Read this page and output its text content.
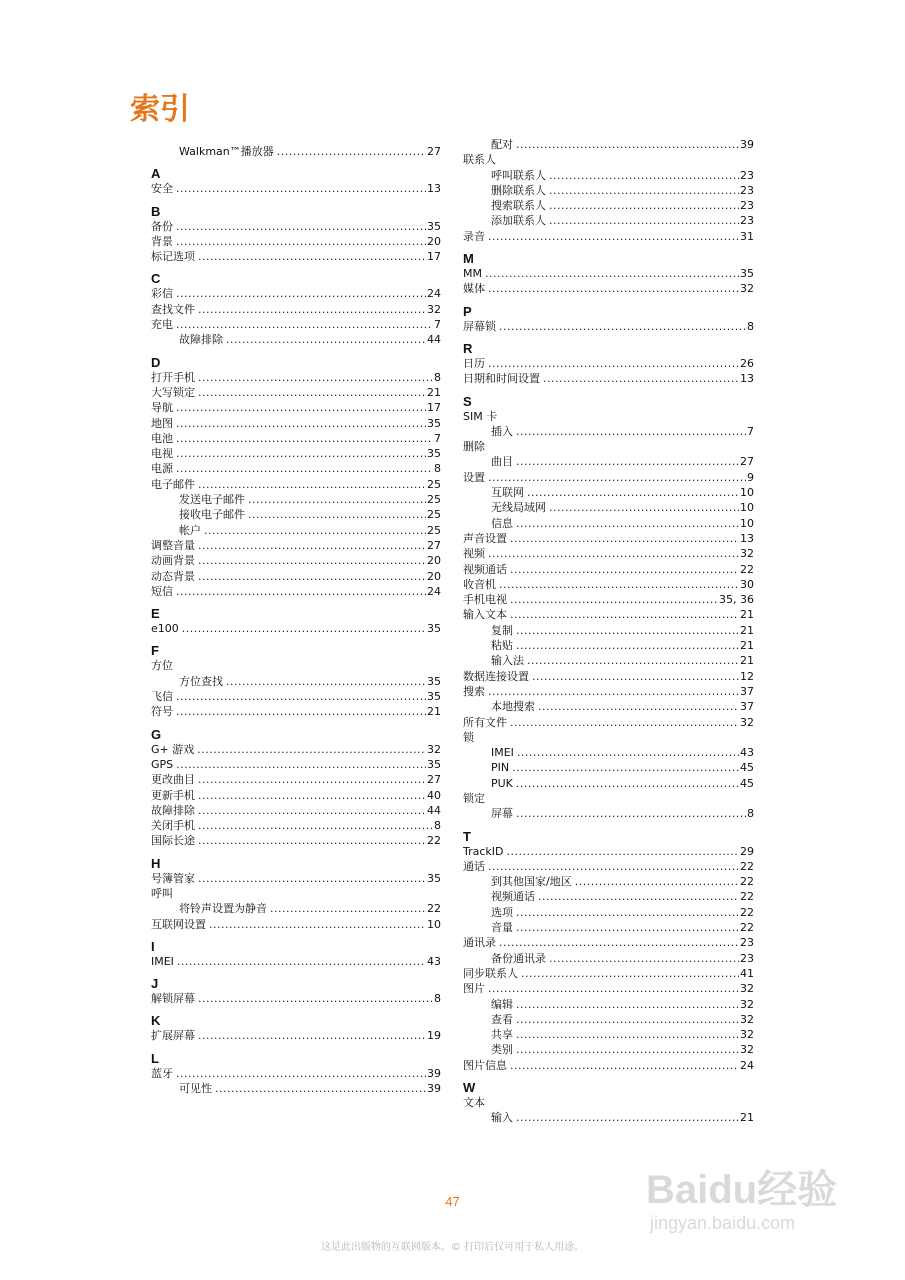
索引
Walkman™播放器 .....	27
A
安全 .....	13
B
备份 .....	35
背景 .....	20
标记选项 .....	17
C
彩信 .....	24
查找文件 .....	32
充电 .....	7
故障排除 .....	44
D
打开手机 .....	8
大写锁定 .....	21
导航 .....	17
地图 .....	35
电池 .....	7
电视 .....	35
电源 .....	8
电子邮件 .....	25
发送电子邮件 .....	25
接收电子邮件 .....	25
帐户 .....	25
调整音量 .....	27
动画背景 .....	20
动态背景 .....	20
短信 .....	24
E
e100 .....	35
F
方位
方位查找 .....	35
飞信 .....	35
符号 .....	21
G
G+ 游戏 .....	32
GPS .....	35
更改曲目 .....	27
更新手机 .....	40
故障排除 .....	44
关闭手机 .....	8
国际长途 .....	22
H
号簿管家 .....	35
呼叫
将铃声设置为静音 .....	22
互联网设置 .....	10
I
IMEI .....	43
J
解锁屏幕 .....	8
K
扩展屏幕 .....	19
L
蓝牙 .....	39
可见性 .....	39
配对 .....	39
联系人
呼叫联系人 .....	23
删除联系人 .....	23
搜索联系人 .....	23
添加联系人 .....	23
录音 .....	31
M
MM .....	35
媒体 .....	32
P
屏幕锁 .....	8
R
日历 .....	26
日期和时间设置 .....	13
S
SIM 卡
插入 .....	7
删除
曲目 .....	27
设置 .....	9
互联网 .....	10
无线局域网 .....	10
信息 .....	10
声音设置 .....	13
视频 .....	32
视频通话 .....	22
收音机 .....	30
手机电视 .....	35, 36
输入文本 .....	21
复制 .....	21
粘贴 .....	21
输入法 .....	21
数据连接设置 .....	12
搜索 .....	37
本地搜索 .....	37
所有文件 .....	32
锁
IMEI .....	43
PIN .....	45
PUK .....	45
锁定
屏幕 .....	8
T
TrackID .....	29
通话 .....	22
到其他国家/地区 .....	22
视频通话 .....	22
选项 .....	22
音量 .....	22
通讯录 .....	23
备份通讯录 .....	23
同步联系人 .....	41
图片 .....	32
编辑 .....	32
查看 .....	32
共享 .....	32
类别 .....	32
图片信息 .....	24
W
文本
输入 .....	21
47
这是此出版物的互联网版本。© 打印后仅可用于私人用途。
Baidu经验
jingyan.baidu.com
